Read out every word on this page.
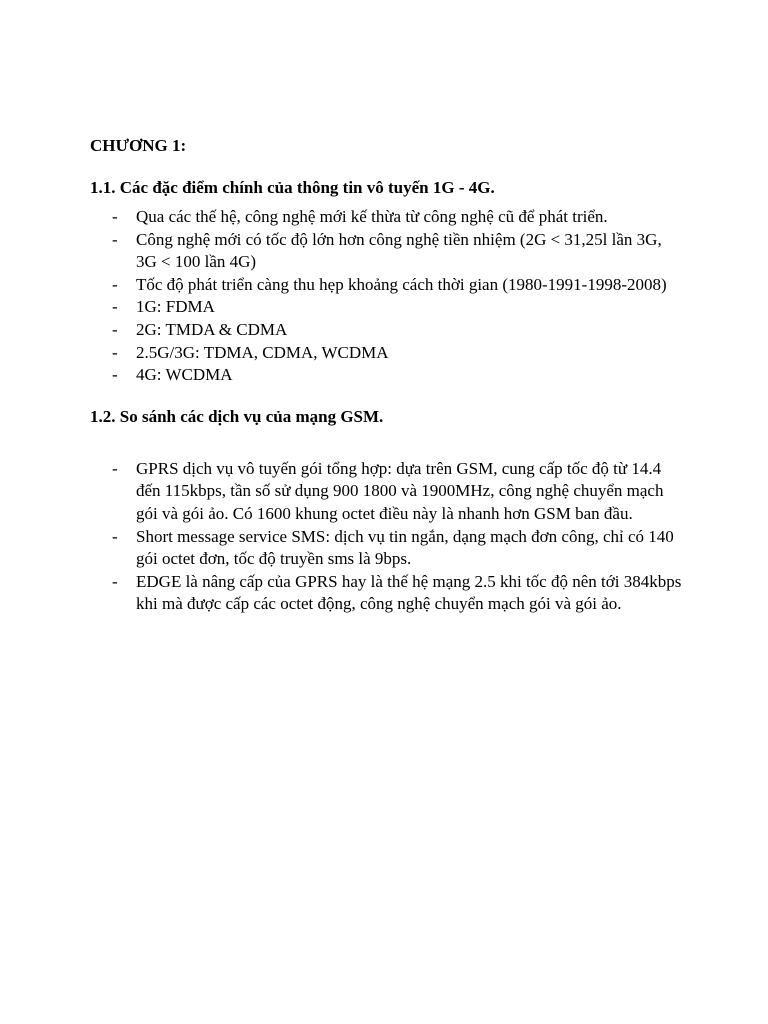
CHƯƠNG 1:

1.1. Các đặc điểm chính của thông tin vô tuyến 1G - 4G.

- Qua các thế hệ, công nghệ mới kế thừa từ công nghệ cũ để phát triển.
- Công nghệ mới có tốc độ lớn hơn công nghệ tiền nhiệm (2G < 31,25l lần 3G, 3G < 100 lần 4G)
- Tốc độ phát triển càng thu hẹp khoảng cách thời gian (1980-1991-1998-2008)
- 1G: FDMA
- 2G: TMDA & CDMA
- 2.5G/3G: TDMA, CDMA, WCDMA
- 4G: WCDMA

1.2. So sánh các dịch vụ của mạng GSM.

- GPRS dịch vụ vô tuyến gói tổng hợp: dựa trên GSM, cung cấp tốc độ từ 14.4 đến 115kbps, tần số sử dụng 900 1800 và 1900MHz, công nghệ chuyển mạch gói và gói ảo. Có 1600 khung octet điều này là nhanh hơn GSM ban đầu.
- Short message service SMS: dịch vụ tin ngắn, dạng mạch đơn công, chỉ có 140 gói octet đơn, tốc độ truyền sms là 9bps.
- EDGE là nâng cấp của GPRS hay là thế hệ mạng 2.5 khi tốc độ nên tới 384kbps khi mà được cấp các octet động, công nghệ chuyển mạch gói và gói ảo.
